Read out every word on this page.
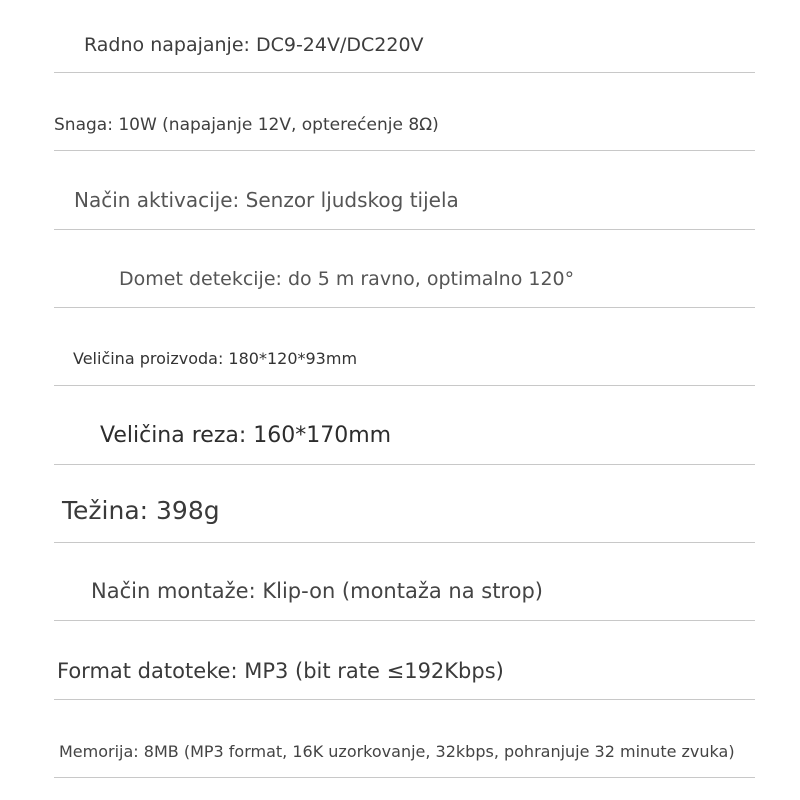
Radno napajanje: DC9-24V/DC220V
Snaga: 10W (napajanje 12V, opterećenje 8Ω)
Način aktivacije: Senzor ljudskog tijela
Domet detekcije: do 5 m ravno, optimalno 120°
Veličina proizvoda: 180*120*93mm
Veličina reza: 160*170mm
Težina: 398g
Način montaže: Klip-on (montaža na strop)
Format datoteke: MP3 (bit rate ≤192Kbps)
Memorija: 8MB (MP3 format, 16K uzorkovanje, 32kbps, pohranjuje 32 minute zvuka)
